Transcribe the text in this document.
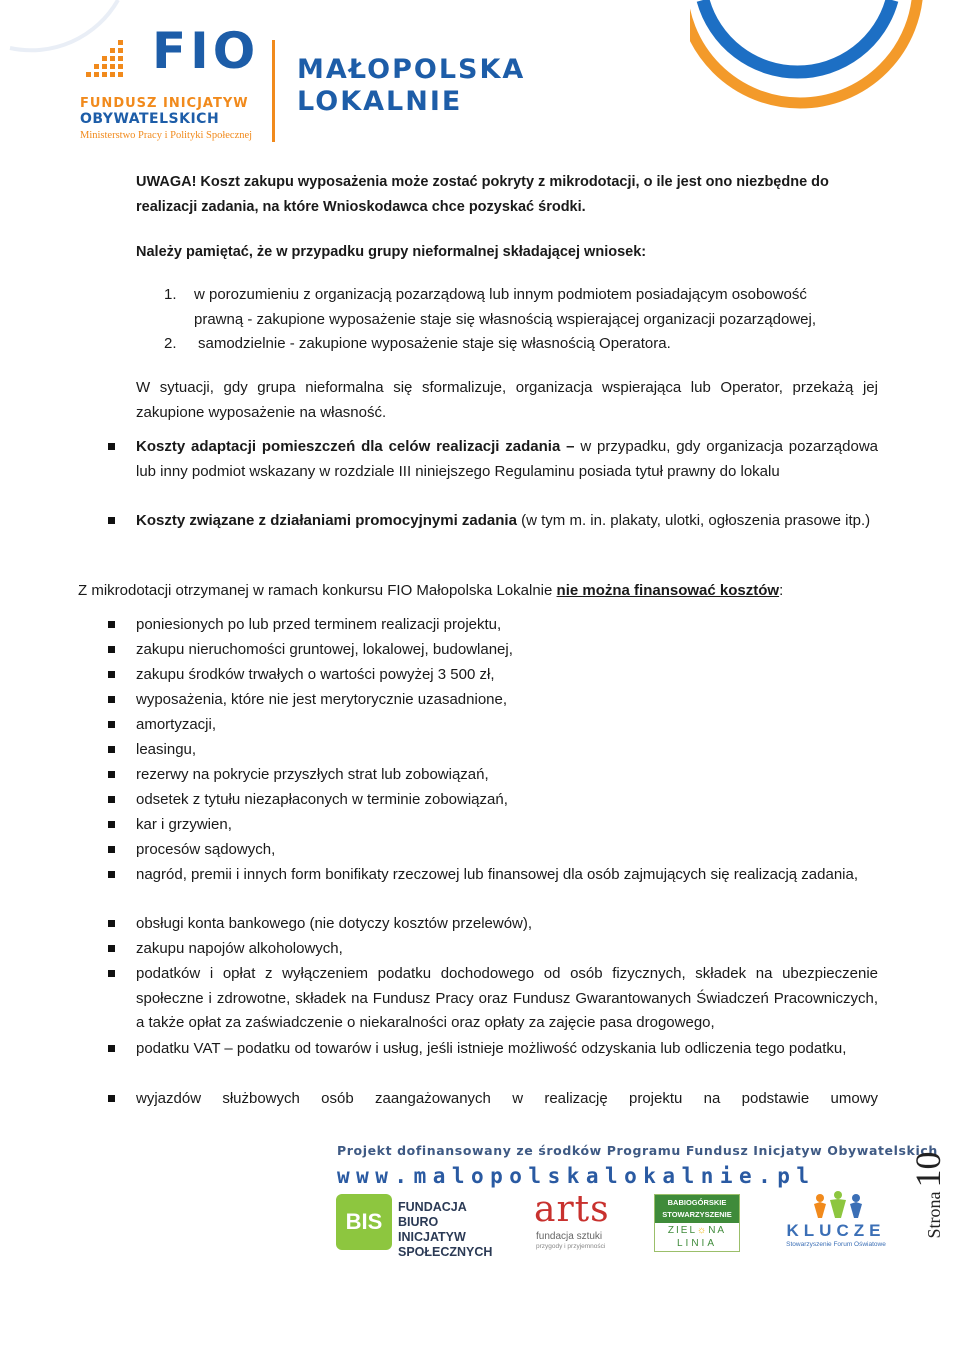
FIO
FUNDUSZ INICJATYW
OBYWATELSKICH
Ministerstwo Pracy i Polityki Społecznej
MAŁOPOLSKA
LOKALNIE
UWAGA! Koszt zakupu wyposażenia może zostać pokryty z mikrodotacji, o ile jest ono niezbędne do realizacji zadania, na które Wnioskodawca chce pozyskać środki.
Należy pamiętać, że w przypadku grupy nieformalnej składającej wniosek:
1. w porozumieniu z organizacją pozarządową lub innym podmiotem posiadającym osobowość
prawną - zakupione wyposażenie staje się własnością wspierającej organizacji pozarządowej,
2. samodzielnie - zakupione wyposażenie staje się własnością Operatora.
W sytuacji, gdy grupa nieformalna się sformalizuje, organizacja wspierająca lub Operator, przekażą jej zakupione wyposażenie na własność.
Koszty adaptacji pomieszczeń dla celów realizacji zadania – w przypadku, gdy organizacja pozarządowa lub inny podmiot wskazany w rozdziale III niniejszego Regulaminu posiada tytuł prawny do lokalu
Koszty związane z działaniami promocyjnymi zadania (w tym m. in. plakaty, ulotki, ogłoszenia prasowe itp.)
Z mikrodotacji otrzymanej w ramach konkursu FIO Małopolska Lokalnie nie można finansować kosztów:
poniesionych po lub przed terminem realizacji projektu,
zakupu nieruchomości gruntowej, lokalowej, budowlanej,
zakupu środków trwałych o wartości powyżej 3 500 zł,
wyposażenia, które nie jest merytorycznie uzasadnione,
amortyzacji,
leasingu,
rezerwy na pokrycie przyszłych strat lub zobowiązań,
odsetek z tytułu niezapłaconych w terminie zobowiązań,
kar i grzywien,
procesów sądowych,
nagród, premii i innych form bonifikaty rzeczowej lub finansowej dla osób zajmujących się realizacją zadania,
obsługi konta bankowego (nie dotyczy kosztów przelewów),
zakupu napojów alkoholowych,
podatków i opłat z wyłączeniem podatku dochodowego od osób fizycznych, składek na ubezpieczenie społeczne i zdrowotne, składek na Fundusz Pracy oraz Fundusz Gwarantowanych Świadczeń Pracowniczych, a także opłat za zaświadczenie o niekaralności oraz opłaty za zajęcie pasa drogowego,
podatku VAT – podatku od towarów i usług, jeśli istnieje możliwość odzyskania lub odliczenia tego podatku,
wyjazdów służbowych osób zaangażowanych w realizację projektu na podstawie umowy
Projekt dofinansowany ze środków Programu Fundusz Inicjatyw Obywatelskich
www.malopolskalokalnie.pl
BIS
FUNDACJA
BIURO INICJATYW
SPOŁECZNYCH
arts
fundacja sztuki
przygody i przyjemności
BABIOGÓRSKIE
STOWARZYSZENIE
ZIEL☼NA
LINIA
KLUCZE
Stowarzyszenie Forum Oświatowe
Strona10
